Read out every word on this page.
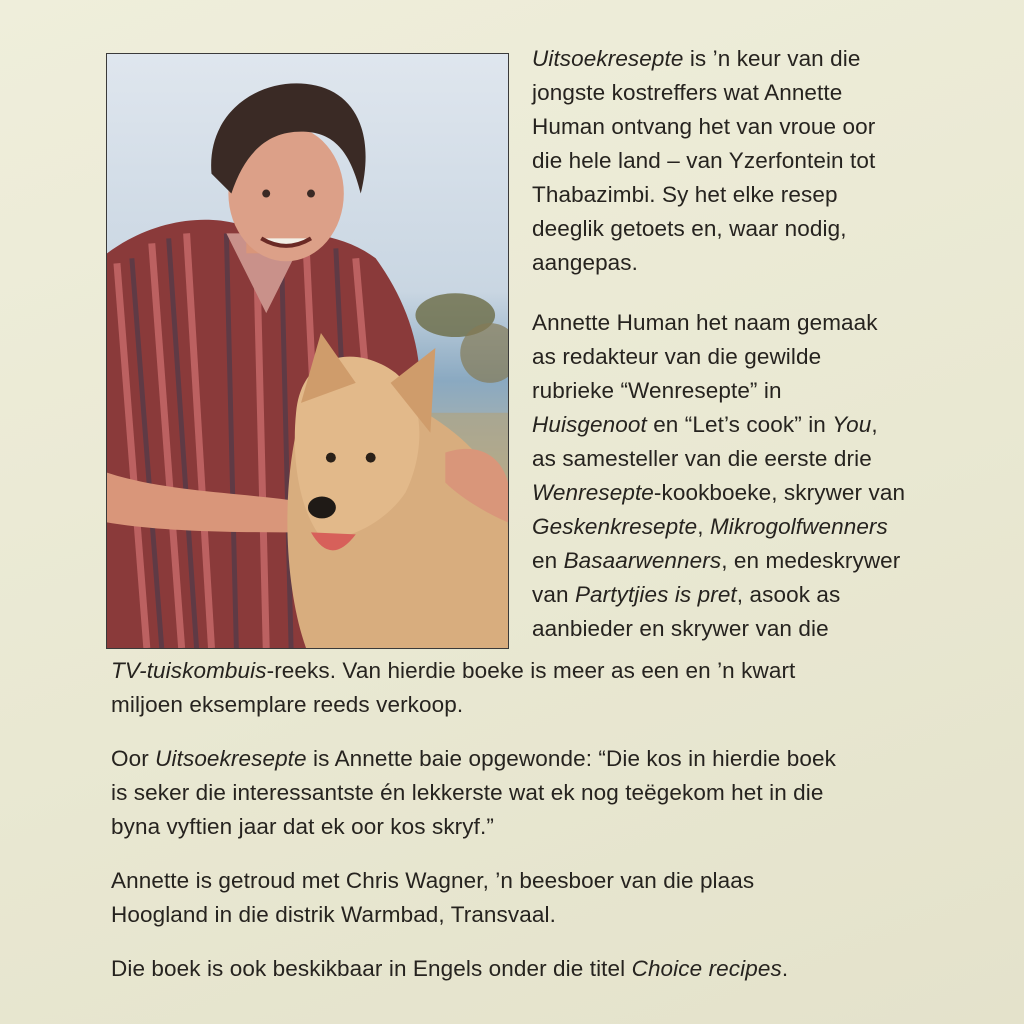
Uitsoekresepte is ’n keur van die
jongste kostreffers wat Annette
Human ontvang het van vroue oor
die hele land – van Yzerfontein tot
Thabazimbi. Sy het elke resep
deeglik getoets en, waar nodig,
aangepas.
Annette Human het naam gemaak
as redakteur van die gewilde
rubrieke “Wenresepte” in
Huisgenoot en “Let’s cook” in You,
as samesteller van die eerste drie
Wenresepte-kookboeke, skrywer van
Geskenkresepte, Mikrogolfwenners
en Basaarwenners, en medeskrywer
van Partytjies is pret, asook as
aanbieder en skrywer van die
TV-tuiskombuis-reeks. Van hierdie boeke is meer as een en ’n kwart
miljoen eksemplare reeds verkoop.
Oor Uitsoekresepte is Annette baie opgewonde: “Die kos in hierdie boek
is seker die interessantste én lekkerste wat ek nog teëgekom het in die
byna vyftien jaar dat ek oor kos skryf.”
Annette is getroud met Chris Wagner, ’n beesboer van die plaas
Hoogland in die distrik Warmbad, Transvaal.
Die boek is ook beskikbaar in Engels onder die titel Choice recipes.
